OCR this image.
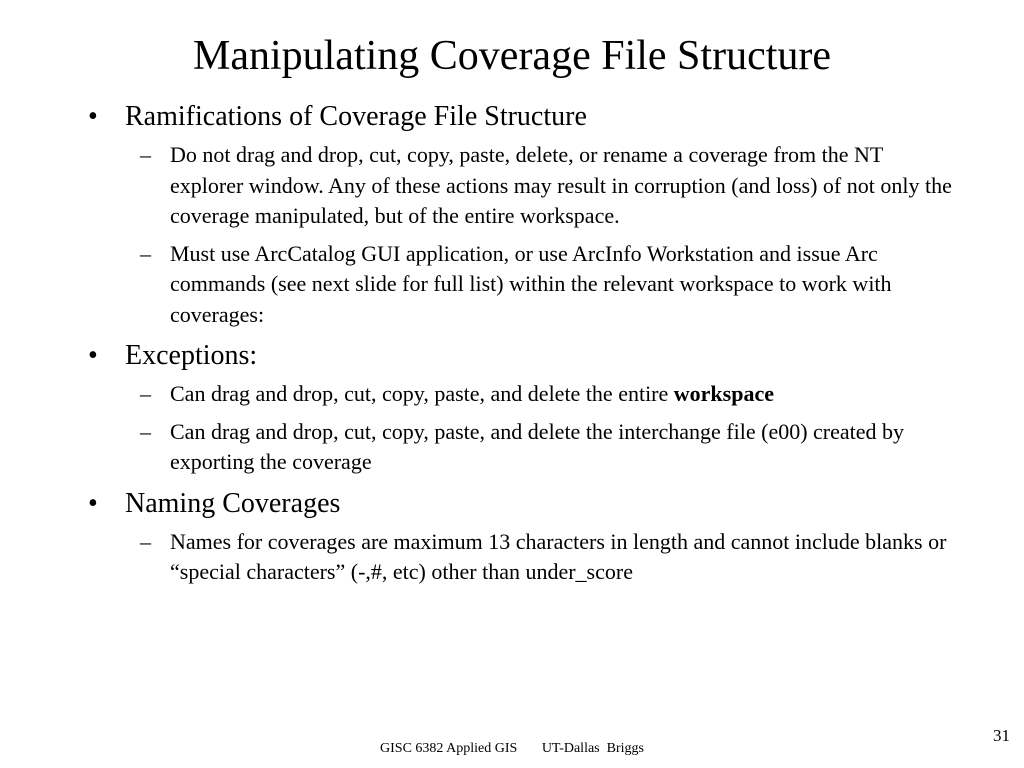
Manipulating Coverage File Structure
• Ramifications of Coverage File Structure
– Do not drag and drop, cut, copy, paste, delete, or rename a coverage from the NT explorer window. Any of these actions may result in corruption (and loss) of not only the coverage manipulated, but of the entire workspace.
– Must use ArcCatalog GUI application, or use ArcInfo Workstation and issue Arc commands (see next slide for full list) within the relevant workspace to work with coverages:
• Exceptions:
– Can drag and drop, cut, copy, paste, and delete the entire workspace
– Can drag and drop, cut, copy, paste, and delete the interchange file (e00) created by exporting the coverage
• Naming Coverages
– Names for coverages are maximum 13 characters in length and cannot include blanks or “special characters” (-,#, etc) other than under_score
31
GISC 6382 Applied GIS       UT-Dallas  Briggs
